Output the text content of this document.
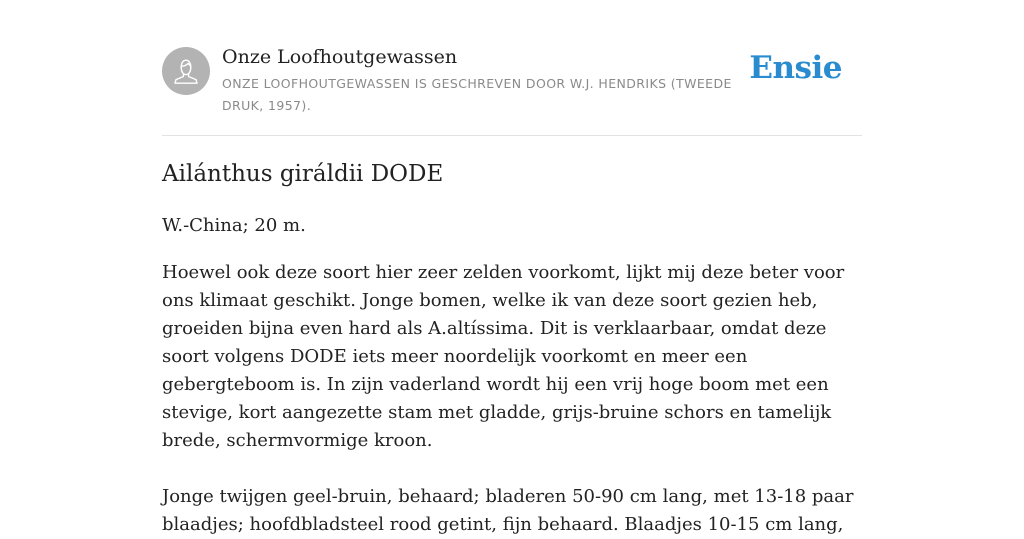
Onze Loofhoutgewassen
ONZE LOOFHOUTGEWASSEN IS GESCHREVEN DOOR W.J. HENDRIKS (TWEEDE DRUK, 1957).
Ensie
Ailánthus giráldii DODE

W.-China; 20 m.

Hoewel ook deze soort hier zeer zelden voorkomt, lijkt mij deze beter voor ons klimaat geschikt. Jonge bomen, welke ik van deze soort gezien heb, groeiden bijna even hard als A.altíssima. Dit is verklaarbaar, omdat deze soort volgens DODE iets meer noordelijk voorkomt en meer een gebergteboom is. In zijn vaderland wordt hij een vrij hoge boom met een stevige, kort aangezette stam met gladde, grijs-bruine schors en tamelijk brede, schermvormige kroon.

Jonge twijgen geel-bruin, behaard; bladeren 50-90 cm lang, met 13-18 paar blaadjes; hoofdbladsteel rood getint, fijn behaard. Blaadjes 10-15 cm lang,
